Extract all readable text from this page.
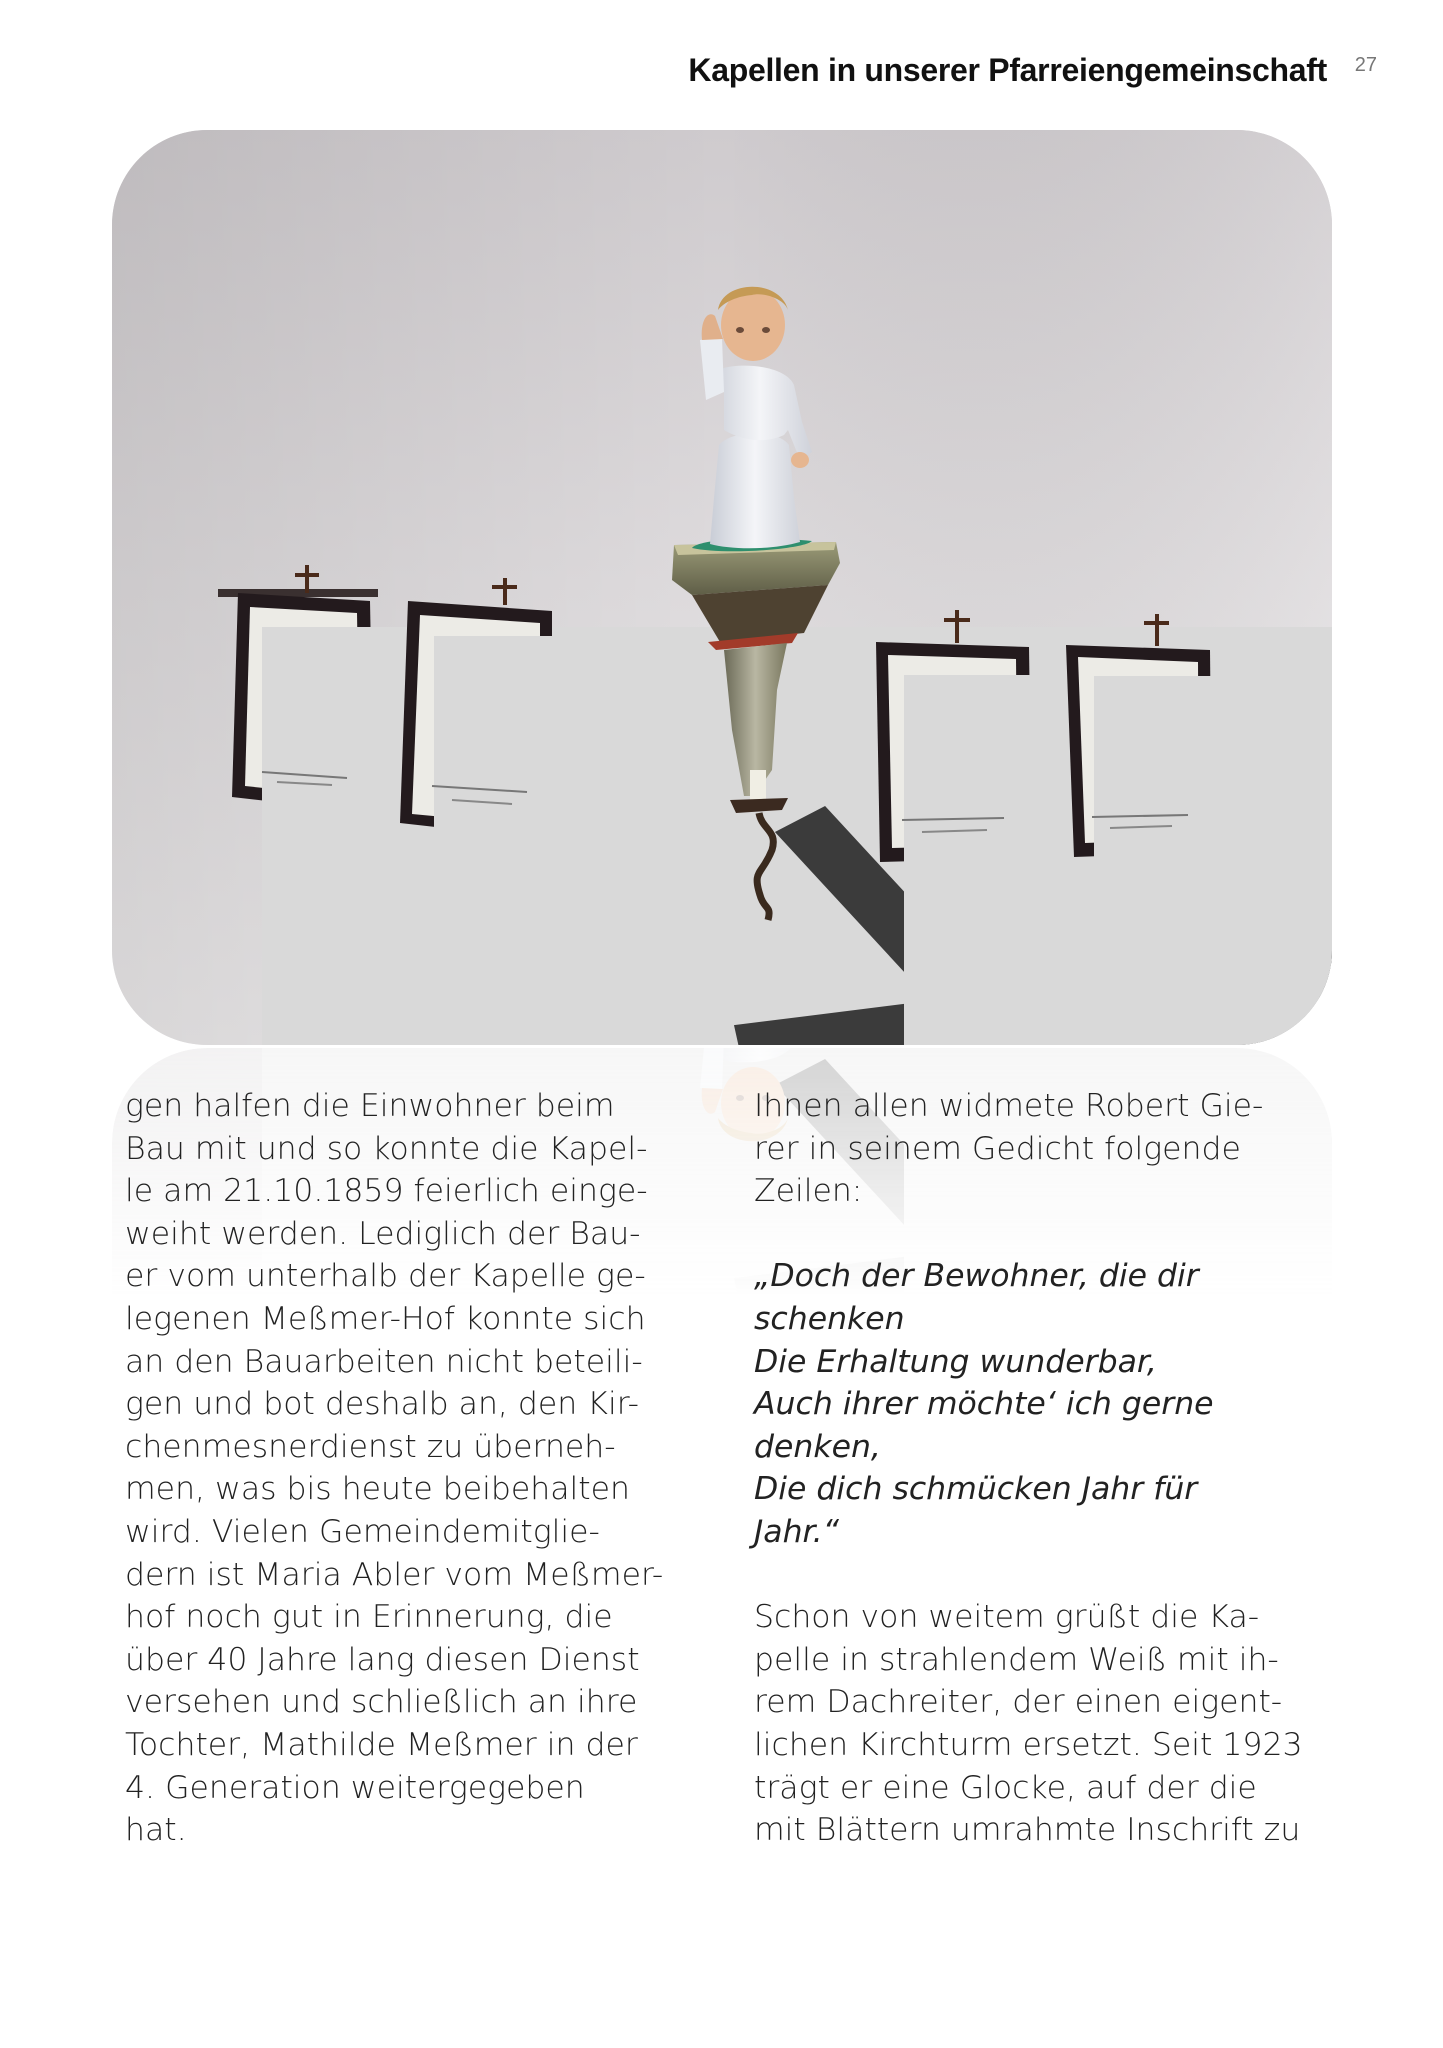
Kapellen in unserer Pfarreiengemeinschaft 27

gen halfen die Einwohner beim
Bau mit und so konnte die Kapel-
le am 21.10.1859 feierlich einge-
weiht werden. Lediglich der Bau-
er vom unterhalb der Kapelle ge-
legenen Meßmer-Hof konnte sich
an den Bauarbeiten nicht beteili-
gen und bot deshalb an, den Kir-
chenmesnerdienst zu überneh-
men, was bis heute beibehalten
wird. Vielen Gemeindemitglie-
dern ist Maria Abler vom Meßmer-
hof noch gut in Erinnerung, die
über 40 Jahre lang diesen Dienst
versehen und schließlich an ihre
Tochter, Mathilde Meßmer in der
4. Generation weitergegeben
hat.

Ihnen allen widmete Robert Gie-
rer in seinem Gedicht folgende
Zeilen:

„Doch der Bewohner, die dir
schenken
Die Erhaltung wunderbar,
Auch ihrer möchte‘ ich gerne
denken,
Die dich schmücken Jahr für
Jahr.“

Schon von weitem grüßt die Ka-
pelle in strahlendem Weiß mit ih-
rem Dachreiter, der einen eigent-
lichen Kirchturm ersetzt. Seit 1923
trägt er eine Glocke, auf der die
mit Blättern umrahmte Inschrift zu
